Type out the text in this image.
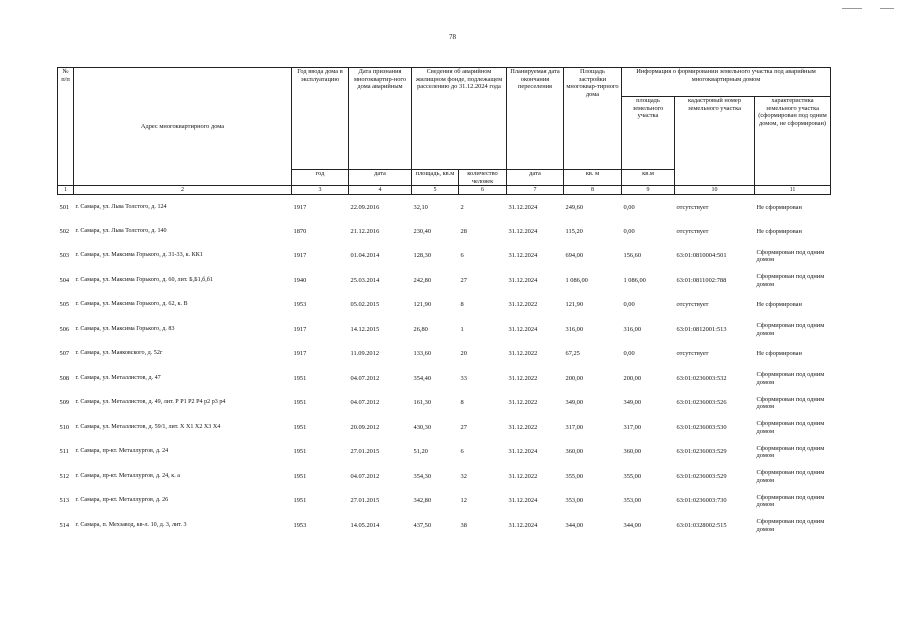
78
№ п/п	Адрес многоквартирного дома	Год ввода дома в эксплуатацию	Дата признания многоквартир-ного дома аварийным	Сведения об аварийном жилищном фонде, подлежащем расселению до 31.12.2024 года		Планируемая дата окончания переселения	Площадь застройки многоквар-тирного дома	Информация о формировании земельного участка под аварийным многоквартирным домом		
								площадь земельного участка	кадастровый номер земельного участка	характеристика земельного участка (сформирован под одним домом, не сформирован)
		год	дата	площадь, кв.м	количество человек	дата	кв. м	кв.м		
1	2	3	4	5	6	7	8	9	10	11
501	г. Самара, ул. Льва Толстого, д. 124	1917	22.09.2016	32,10	2	31.12.2024	249,60	0,00	отсутствует	Не сформирован
502	г. Самара, ул. Льва Толстого, д. 140	1870	21.12.2016	230,40	28	31.12.2024	115,20	0,00	отсутствует	Не сформирован
503	г. Самара, ул. Максима Горького, д. 31-33, к. КК1	1917	01.04.2014	128,30	6	31.12.2024	694,00	156,60	63:01:0810004:501	Сформирован под одним домом
504	г. Самара, ул. Максима Горького, д. 60, лит. Б,Б1,б,б1	1940	25.03.2014	242,80	27	31.12.2024	1 086,00	1 086,00	63:01:0811002:788	Сформирован под одним домом
505	г. Самара, ул. Максима Горького, д. 62, к. В	1953	05.02.2015	121,90	8	31.12.2022	121,90	0,00	отсутствует	Не сформирован
506	г. Самара, ул. Максима Горького, д. 83	1917	14.12.2015	26,80	1	31.12.2024	316,00	316,00	63:01:0812001:513	Сформирован под одним домом
507	г. Самара, ул. Маяковского, д. 52г	1917	11.09.2012	133,60	20	31.12.2022	67,25	0,00	отсутствует	Не сформирован
508	г. Самара, ул. Металлистов, д. 47	1951	04.07.2012	354,40	33	31.12.2022	200,00	200,00	63:01:0236003:532	Сформирован под одним домом
509	г. Самара, ул. Металлистов, д. 49, лит. Р Р1 Р2 Р4 р2 р3 р4	1951	04.07.2012	161,30	8	31.12.2022	349,00	349,00	63:01:0236003:526	Сформирован под одним домом
510	г. Самара, ул. Металлистов, д. 59/1, лит. Х Х1 Х2 Х3 Х4	1951	20.09.2012	430,30	27	31.12.2022	317,00	317,00	63:01:0236003:530	Сформирован под одним домом
511	г. Самара, пр-кт. Металлургов, д. 24	1951	27.01.2015	51,20	6	31.12.2024	360,00	360,00	63:01:0236003:529	Сформирован под одним домом
512	г. Самара, пр-кт. Металлургов, д. 24, к. а	1951	04.07.2012	354,30	32	31.12.2022	355,00	355,00	63:01:0236003:529	Сформирован под одним домом
513	г. Самара, пр-кт. Металлургов, д. 26	1951	27.01.2015	342,80	12	31.12.2024	353,00	353,00	63:01:0236003:730	Сформирован под одним домом
514	г. Самара, п. Мехзавод, кв-л. 10, д. 3, лит. 3	1953	14.05.2014	437,50	38	31.12.2024	344,00	344,00	63:01:0328002:515	Сформирован под одним домом
